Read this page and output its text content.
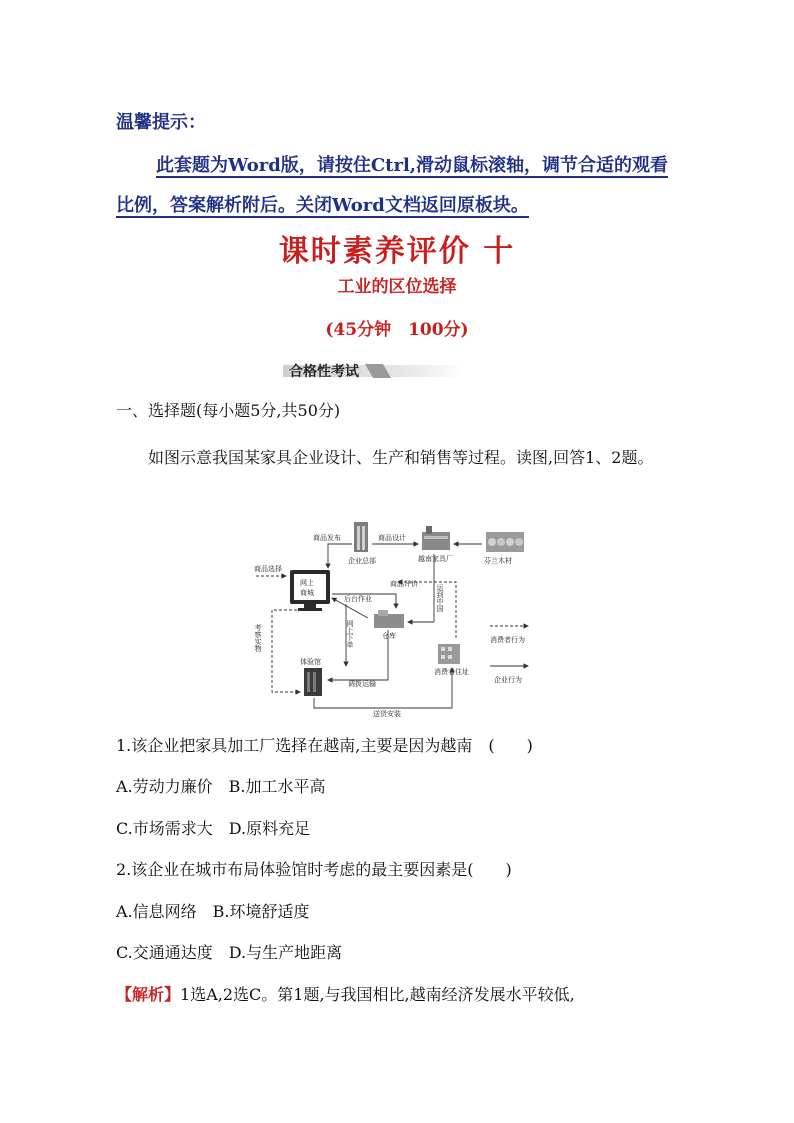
温馨提示：
此套题为Word版，请按住Ctrl,滑动鼠标滚轴，调节合适的观看比例，答案解析附后。关闭Word文档返回原板块。
课时素养评价 十
工业的区位选择
(45分钟　100分)
合格性考试
一、选择题(每小题5分,共50分)
如图示意我国某家具企业设计、生产和销售等过程。读图,回答1、2题。
企业总部	越南家具厂	芬兰木材
网上
商城
仓库
消费者住址
体验馆
商品发布	商品设计
商品选择
商品评价
后台作业	运到中国
网上下单
考察实物
调拨运输
送货安装
消费者行为
企业行为
1.该企业把家具加工厂选择在越南,主要是因为越南　(　　)
A.劳动力廉价　B.加工水平高
C.市场需求大　D.原料充足
2.该企业在城市布局体验馆时考虑的最主要因素是(　　)
A.信息网络　B.环境舒适度
C.交通通达度　D.与生产地距离
【解析】1选A,2选C。第1题,与我国相比,越南经济发展水平较低,
